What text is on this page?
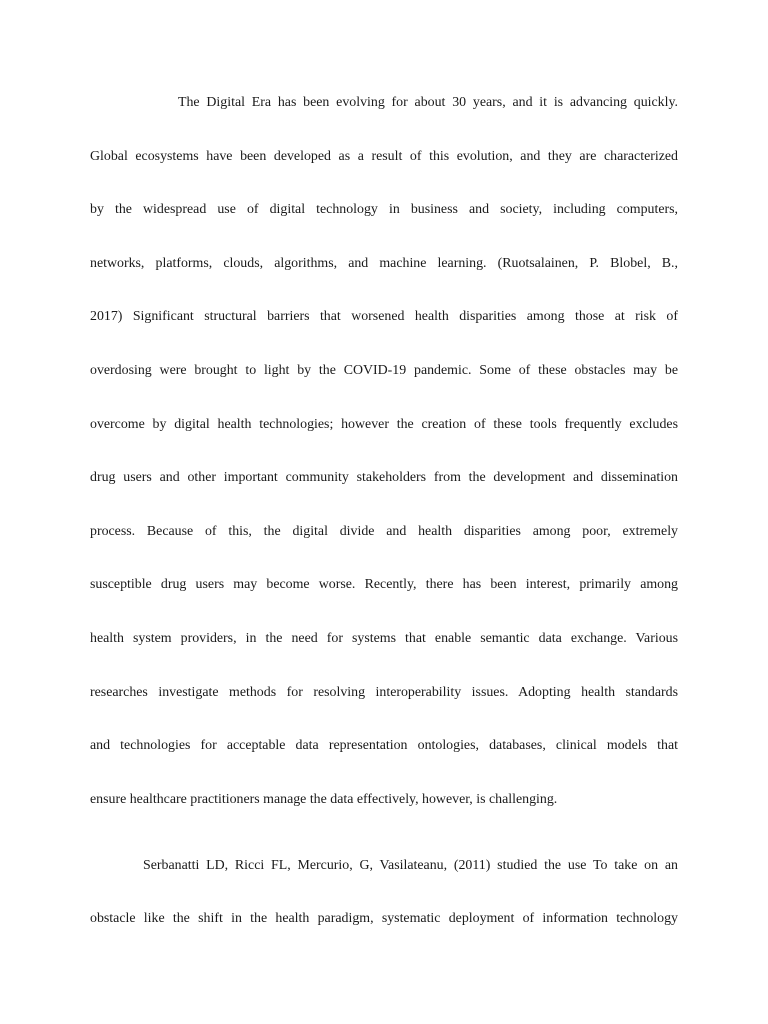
The Digital Era has been evolving for about 30 years, and it is advancing quickly.
Global ecosystems have been developed as a result of this evolution, and they are characterized
by the widespread use of digital technology in business and society, including computers,
networks, platforms, clouds, algorithms, and machine learning. (Ruotsalainen, P. Blobel, B.,
2017) Significant structural barriers that worsened health disparities among those at risk of
overdosing were brought to light by the COVID-19 pandemic. Some of these obstacles may be
overcome by digital health technologies; however the creation of these tools frequently excludes
drug users and other important community stakeholders from the development and dissemination
process. Because of this, the digital divide and health disparities among poor, extremely
susceptible drug users may become worse. Recently, there has been interest, primarily among
health system providers, in the need for systems that enable semantic data exchange. Various
researches investigate methods for resolving interoperability issues. Adopting health standards
and technologies for acceptable data representation ontologies, databases, clinical models that
ensure healthcare practitioners manage the data effectively, however, is challenging.
Serbanatti LD, Ricci FL, Mercurio, G, Vasilateanu, (2011) studied the use To take on an
obstacle like the shift in the health paradigm, systematic deployment of information technology
